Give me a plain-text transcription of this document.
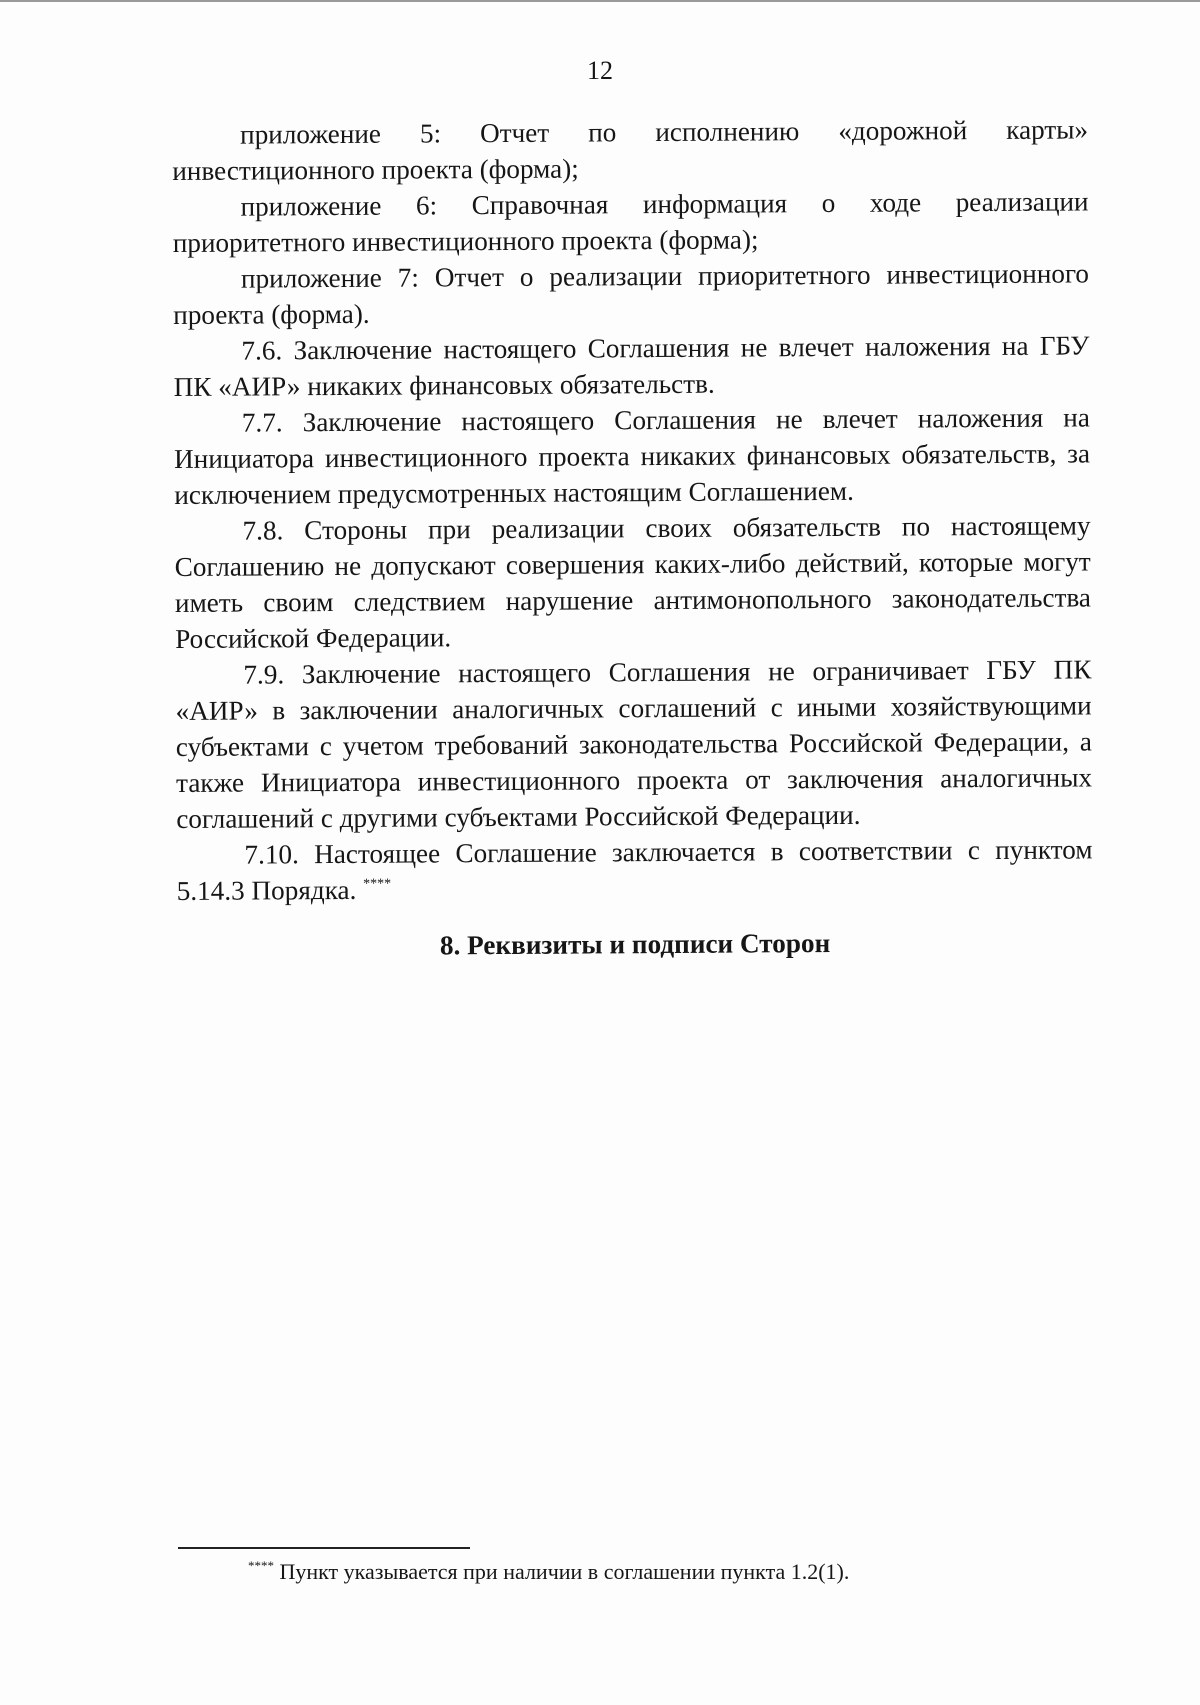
12

приложение 5: Отчет по исполнению «дорожной карты» инвестиционного проекта (форма);

приложение 6: Справочная информация о ходе реализации приоритетного инвестиционного проекта (форма);

приложение 7: Отчет о реализации приоритетного инвестиционного проекта (форма).

7.6. Заключение настоящего Соглашения не влечет наложения на ГБУ ПК «АИР» никаких финансовых обязательств.

7.7. Заключение настоящего Соглашения не влечет наложения на Инициатора инвестиционного проекта никаких финансовых обязательств, за исключением предусмотренных настоящим Соглашением.

7.8. Стороны при реализации своих обязательств по настоящему Соглашению не допускают совершения каких-либо действий, которые могут иметь своим следствием нарушение антимонопольного законодательства Российской Федерации.

7.9. Заключение настоящего Соглашения не ограничивает ГБУ ПК «АИР» в заключении аналогичных соглашений с иными хозяйствующими субъектами с учетом требований законодательства Российской Федерации, а также Инициатора инвестиционного проекта от заключения аналогичных соглашений с другими субъектами Российской Федерации.

7.10. Настоящее Соглашение заключается в соответствии с пунктом 5.14.3 Порядка. ****

8. Реквизиты и подписи Сторон
**** Пункт указывается при наличии в соглашении пункта 1.2(1).
